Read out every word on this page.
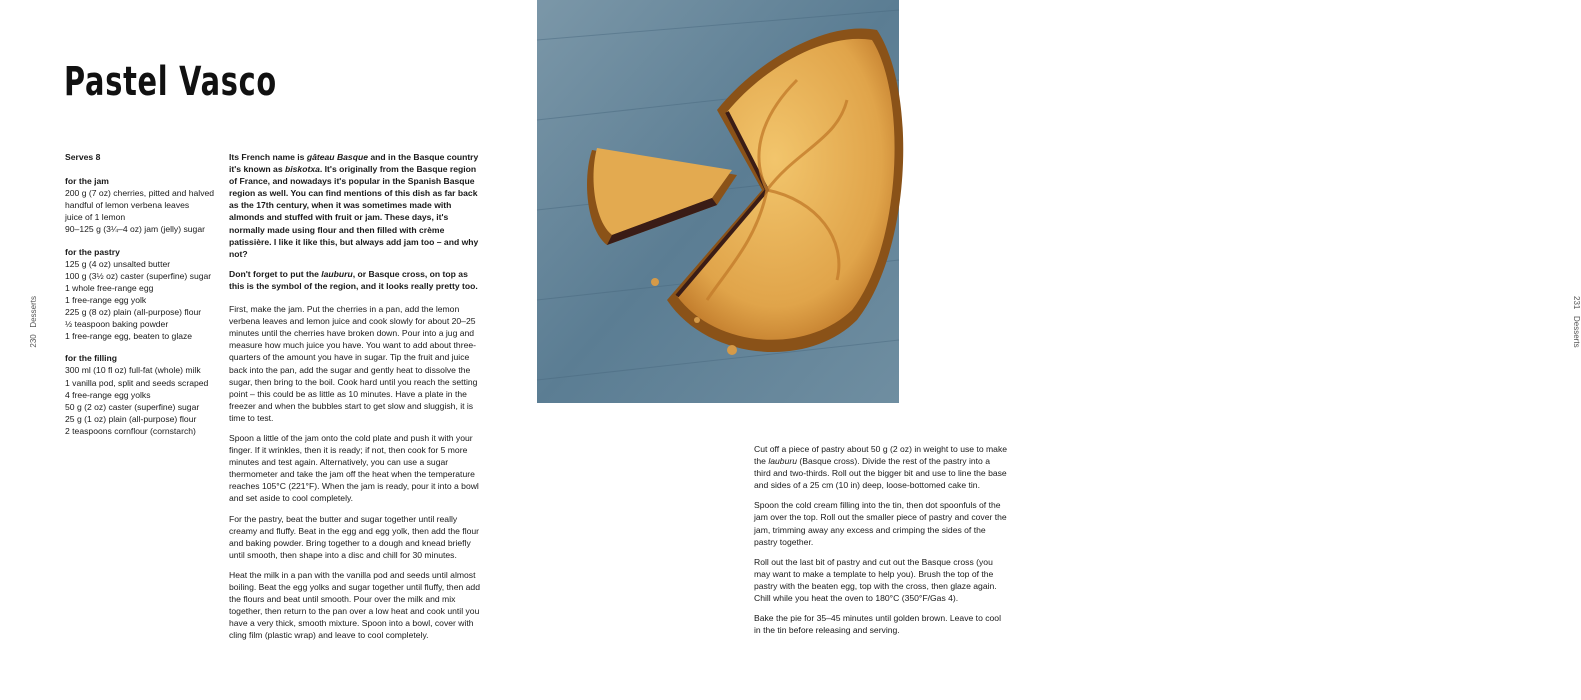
Pastel Vasco
230   Desserts
Serves 8
for the jam
200 g (7 oz) cherries, pitted and halved
handful of lemon verbena leaves
juice of 1 lemon
90–125 g (3¼–4 oz) jam (jelly) sugar
for the pastry
125 g (4 oz) unsalted butter
100 g (3½ oz) caster (superfine) sugar
1 whole free-range egg
1 free-range egg yolk
225 g (8 oz) plain (all-purpose) flour
½ teaspoon baking powder
1 free-range egg, beaten to glaze
for the filling
300 ml (10 fl oz) full-fat (whole) milk
1 vanilla pod, split and seeds scraped
4 free-range egg yolks
50 g (2 oz) caster (superfine) sugar
25 g (1 oz) plain (all-purpose) flour
2 teaspoons cornflour (cornstarch)

Its French name is gâteau Basque and in the Basque country it's known as biskotxa. It's originally from the Basque region of France, and nowadays it's popular in the Spanish Basque region as well. You can find mentions of this dish as far back as the 17th century, when it was sometimes made with almonds and stuffed with fruit or jam. These days, it's normally made using flour and then filled with crème patissière. I like it like this, but always add jam too – and why not?

Don't forget to put the lauburu, or Basque cross, on top as this is the symbol of the region, and it looks really pretty too.

First, make the jam. Put the cherries in a pan, add the lemon verbena leaves and lemon juice and cook slowly for about 20–25 minutes until the cherries have broken down. Pour into a jug and measure how much juice you have. You want to add about three-quarters of the amount you have in sugar. Tip the fruit and juice back into the pan, add the sugar and gently heat to dissolve the sugar, then bring to the boil. Cook hard until you reach the setting point – this could be as little as 10 minutes. Have a plate in the freezer and when the bubbles start to get slow and sluggish, it is time to test.

Spoon a little of the jam onto the cold plate and push it with your finger. If it wrinkles, then it is ready; if not, then cook for 5 more minutes and test again. Alternatively, you can use a sugar thermometer and take the jam off the heat when the temperature reaches 105°C (221°F). When the jam is ready, pour it into a bowl and set aside to cool completely.

For the pastry, beat the butter and sugar together until really creamy and fluffy. Beat in the egg and egg yolk, then add the flour and baking powder. Bring together to a dough and knead briefly until smooth, then shape into a disc and chill for 30 minutes.

Heat the milk in a pan with the vanilla pod and seeds until almost boiling. Beat the egg yolks and sugar together until fluffy, then add the flours and beat until smooth. Pour over the milk and mix together, then return to the pan over a low heat and cook until you have a very thick, smooth mixture. Spoon into a bowl, cover with cling film (plastic wrap) and leave to cool completely.

231   Desserts

Cut off a piece of pastry about 50 g (2 oz) in weight to use to make the lauburu (Basque cross). Divide the rest of the pastry into a third and two-thirds. Roll out the bigger bit and use to line the base and sides of a 25 cm (10 in) deep, loose-bottomed cake tin.

Spoon the cold cream filling into the tin, then dot spoonfuls of the jam over the top. Roll out the smaller piece of pastry and cover the jam, trimming away any excess and crimping the sides of the pastry together.

Roll out the last bit of pastry and cut out the Basque cross (you may want to make a template to help you). Brush the top of the pastry with the beaten egg, top with the cross, then glaze again. Chill while you heat the oven to 180°C (350°F/Gas 4).

Bake the pie for 35–45 minutes until golden brown. Leave to cool in the tin before releasing and serving.
